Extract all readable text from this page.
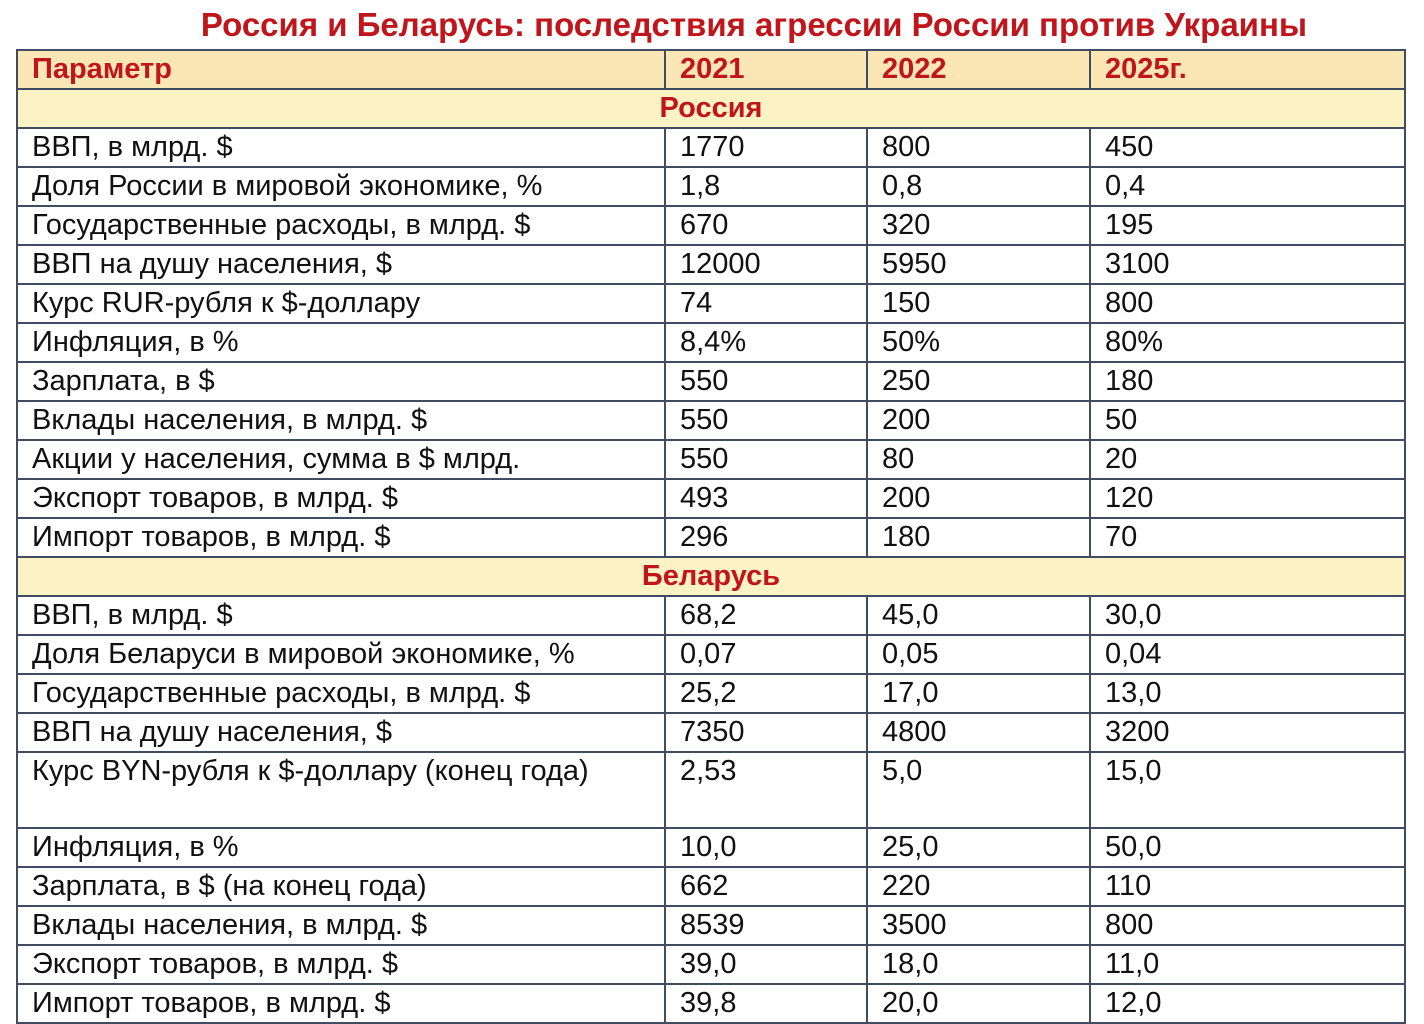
Россия и Беларусь: последствия агрессии России против Украины
Параметр	2021	2022	2025г.
Россия			
ВВП, в млрд. $	1770	800	450
Доля России в мировой экономике, %	1,8	0,8	0,4
Государственные расходы, в млрд. $	670	320	195
ВВП на душу населения, $	12000	5950	3100
Курс RUR-рубля к $-доллару	74	150	800
Инфляция, в %	8,4%	50%	80%
Зарплата, в $	550	250	180
Вклады населения, в млрд. $	550	200	50
Акции у населения, сумма в $ млрд.	550	80	20
Экспорт товаров, в млрд. $	493	200	120
Импорт товаров, в млрд. $	296	180	70
Беларусь			
ВВП, в млрд. $	68,2	45,0	30,0
Доля Беларуси в мировой экономике, %	0,07	0,05	0,04
Государственные расходы, в млрд. $	25,2	17,0	13,0
ВВП на душу населения, $	7350	4800	3200
Курс BYN-рубля к $-доллару (конец года)	2,53	5,0	15,0
Инфляция, в %	10,0	25,0	50,0
Зарплата, в $ (на конец года)	662	220	110
Вклады населения, в млрд. $	8539	3500	800
Экспорт товаров, в млрд. $	39,0	18,0	11,0
Импорт товаров, в млрд. $	39,8	20,0	12,0
